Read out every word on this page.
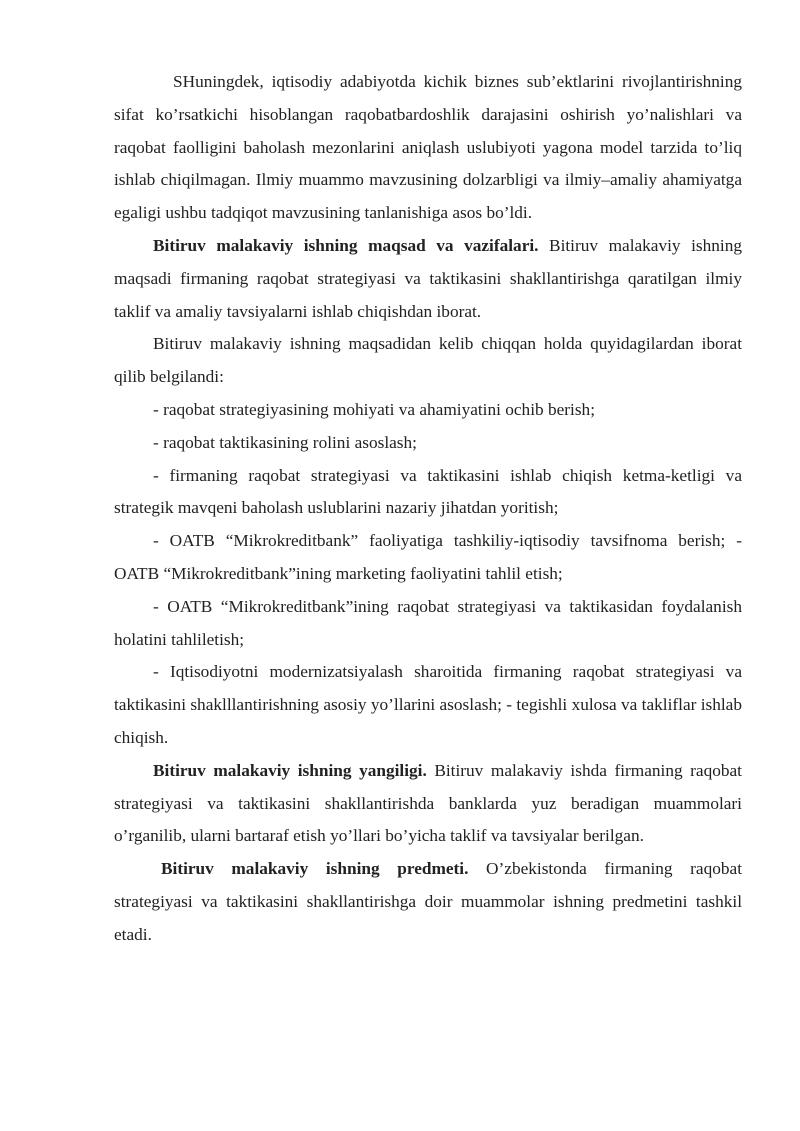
SHuningdek, iqtisodiy adabiyotda kichik biznes sub’ektlarini rivojlantirishning sifat ko’rsatkichi hisoblangan raqobatbardoshlik darajasini oshirish yo’nalishlari va raqobat faolligini baholash mezonlarini aniqlash uslubiyoti yagona model tarzida to’liq ishlab chiqilmagan. Ilmiy muammo mavzusining dolzarbligi va ilmiy–amaliy ahamiyatga egaligi ushbu tadqiqot mavzusining tanlanishiga asos bo’ldi.

Bitiruv malakaviy ishning maqsad va vazifalari. Bitiruv malakaviy ishning maqsadi firmaning raqobat strategiyasi va taktikasini shakllantirishga qaratilgan ilmiy taklif va amaliy tavsiyalarni ishlab chiqishdan iborat.

Bitiruv malakaviy ishning maqsadidan kelib chiqqan holda quyidagilardan iborat qilib belgilandi:

- raqobat strategiyasining mohiyati va ahamiyatini ochib berish;

- raqobat taktikasining rolini asoslash;

- firmaning raqobat strategiyasi va taktikasini ishlab chiqish ketma-ketligi va strategik mavqeni baholash uslublarini nazariy jihatdan yoritish;

- OATB “Mikrokreditbank” faoliyatiga tashkiliy-iqtisodiy tavsifnoma berish; - OATB “Mikrokreditbank”ining marketing faoliyatini tahlil etish;

- OATB “Mikrokreditbank”ining raqobat strategiyasi va taktikasidan foydalanish holatini tahliletish;

- Iqtisodiyotni modernizatsiyalash sharoitida firmaning raqobat strategiyasi va taktikasini shaklllantirishning asosiy yo’llarini asoslash; - tegishli xulosa va takliflar ishlab chiqish.

Bitiruv malakaviy ishning yangiligi. Bitiruv malakaviy ishda firmaning raqobat strategiyasi va taktikasini shakllantirishda banklarda yuz beradigan muammolari o’rganilib, ularni bartaraf etish yo’llari bo’yicha taklif va tavsiyalar berilgan.

Bitiruv malakaviy ishning predmeti. O’zbekistonda firmaning raqobat strategiyasi va taktikasini shakllantirishga doir muammolar ishning predmetini tashkil etadi.
